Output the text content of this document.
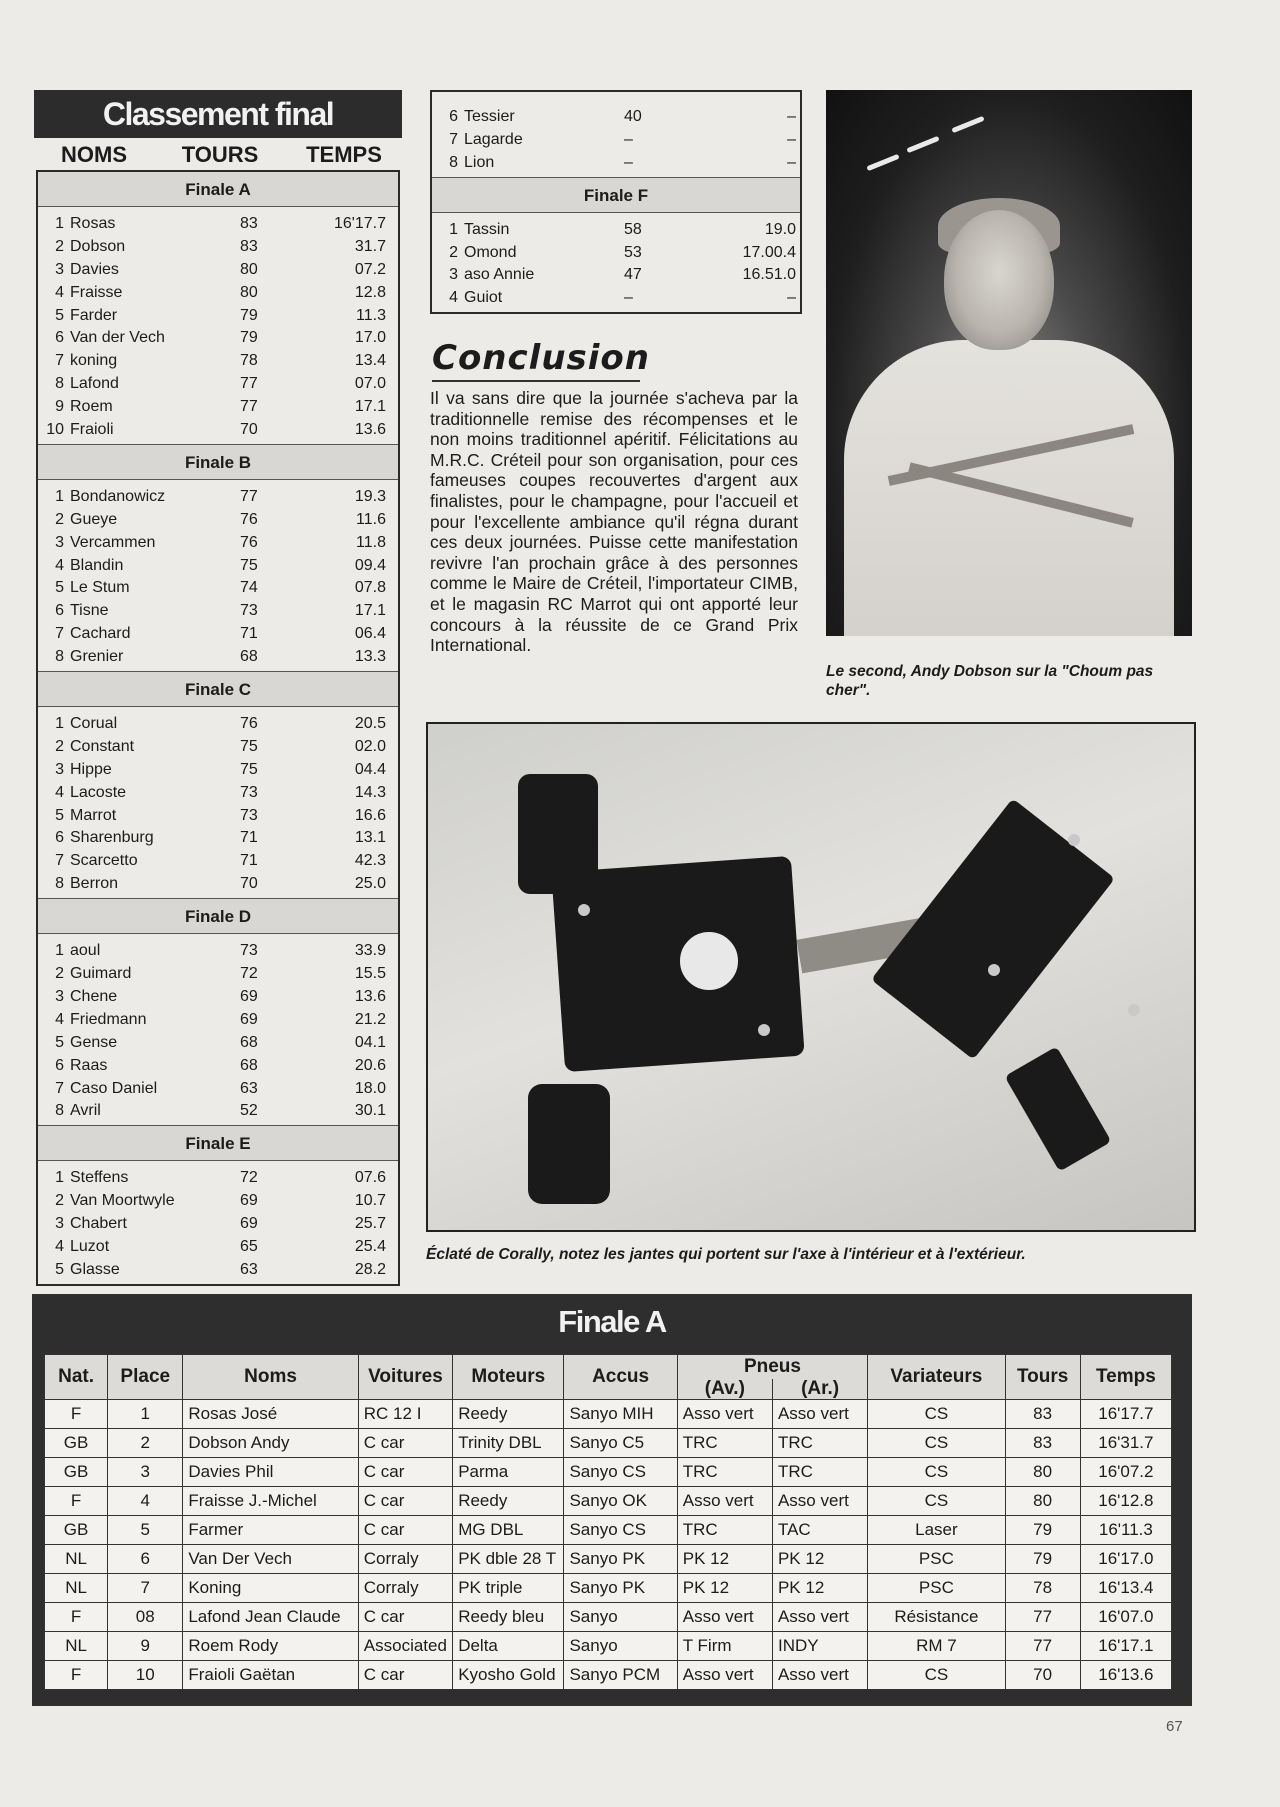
Classement final
NOMS	TOURS	TEMPS
Finale A
1 Rosas	83	16'17.7
2 Dobson	83	31.7
3 Davies	80	07.2
4 Fraisse	80	12.8
5 Farder	79	11.3
6 Van der Vech	79	17.0
7 koning	78	13.4
8 Lafond	77	07.0
9 Roem	77	17.1
10 Fraioli	70	13.6
Finale B
1 Bondanowicz	77	19.3
2 Gueye	76	11.6
3 Vercammen	76	11.8
4 Blandin	75	09.4
5 Le Stum	74	07.8
6 Tisne	73	17.1
7 Cachard	71	06.4
8 Grenier	68	13.3
Finale C
1 Corual	76	20.5
2 Constant	75	02.0
3 Hippe	75	04.4
4 Lacoste	73	14.3
5 Marrot	73	16.6
6 Sharenburg	71	13.1
7 Scarcetto	71	42.3
8 Berron	70	25.0
Finale D
1 aoul	73	33.9
2 Guimard	72	15.5
3 Chene	69	13.6
4 Friedmann	69	21.2
5 Gense	68	04.1
6 Raas	68	20.6
7 Caso Daniel	63	18.0
8 Avril	52	30.1
Finale E
1 Steffens	72	07.6
2 Van Moortwyle	69	10.7
3 Chabert	69	25.7
4 Luzot	65	25.4
5 Glasse	63	28.2
6 Tessier	40	–
7 Lagarde	–	–
8 Lion	–	–
Finale F
1 Tassin	58	19.0
2 Omond	53	17.00.4
3 aso Annie	47	16.51.0
4 Guiot	–	–
Conclusion
Il va sans dire que la journée s'acheva par la traditionnelle remise des récompenses et le non moins traditionnel apéritif. Félicitations au M.R.C. Créteil pour son organisation, pour ces fameuses coupes recouvertes d'argent aux finalistes, pour le champagne, pour l'accueil et pour l'excellente ambiance qu'il régna durant ces deux journées. Puisse cette manifestation revivre l'an prochain grâce à des personnes comme le Maire de Créteil, l'importateur CIMB, et le magasin RC Marrot qui ont apporté leur concours à la réussite de ce Grand Prix International.
Le second, Andy Dobson sur la "Choum pas cher".
Éclaté de Corally, notez les jantes qui portent sur l'axe à l'intérieur et à l'extérieur.
Finale A
Nat.	Place	Noms	Voitures	Moteurs	Accus	Pneus		Variateurs	Tours	Temps
						(Av.)	(Ar.)			
F	1	Rosas José	RC 12 I	Reedy	Sanyo MIH	Asso vert	Asso vert	CS	83	16'17.7
GB	2	Dobson Andy	C car	Trinity DBL	Sanyo C5	TRC	TRC	CS	83	16'31.7
GB	3	Davies Phil	C car	Parma	Sanyo CS	TRC	TRC	CS	80	16'07.2
F	4	Fraisse J.-Michel	C car	Reedy	Sanyo OK	Asso vert	Asso vert	CS	80	16'12.8
GB	5	Farmer	C car	MG DBL	Sanyo CS	TRC	TAC	Laser	79	16'11.3
NL	6	Van Der Vech	Corraly	PK dble 28 T	Sanyo PK	PK 12	PK 12	PSC	79	16'17.0
NL	7	Koning	Corraly	PK triple	Sanyo PK	PK 12	PK 12	PSC	78	16'13.4
F	08	Lafond Jean Claude	C car	Reedy bleu	Sanyo	Asso vert	Asso vert	Résistance	77	16'07.0
NL	9	Roem Rody	Associated	Delta	Sanyo	T Firm	INDY	RM 7	77	16'17.1
F	10	Fraioli Gaëtan	C car	Kyosho Gold	Sanyo PCM	Asso vert	Asso vert	CS	70	16'13.6
67
